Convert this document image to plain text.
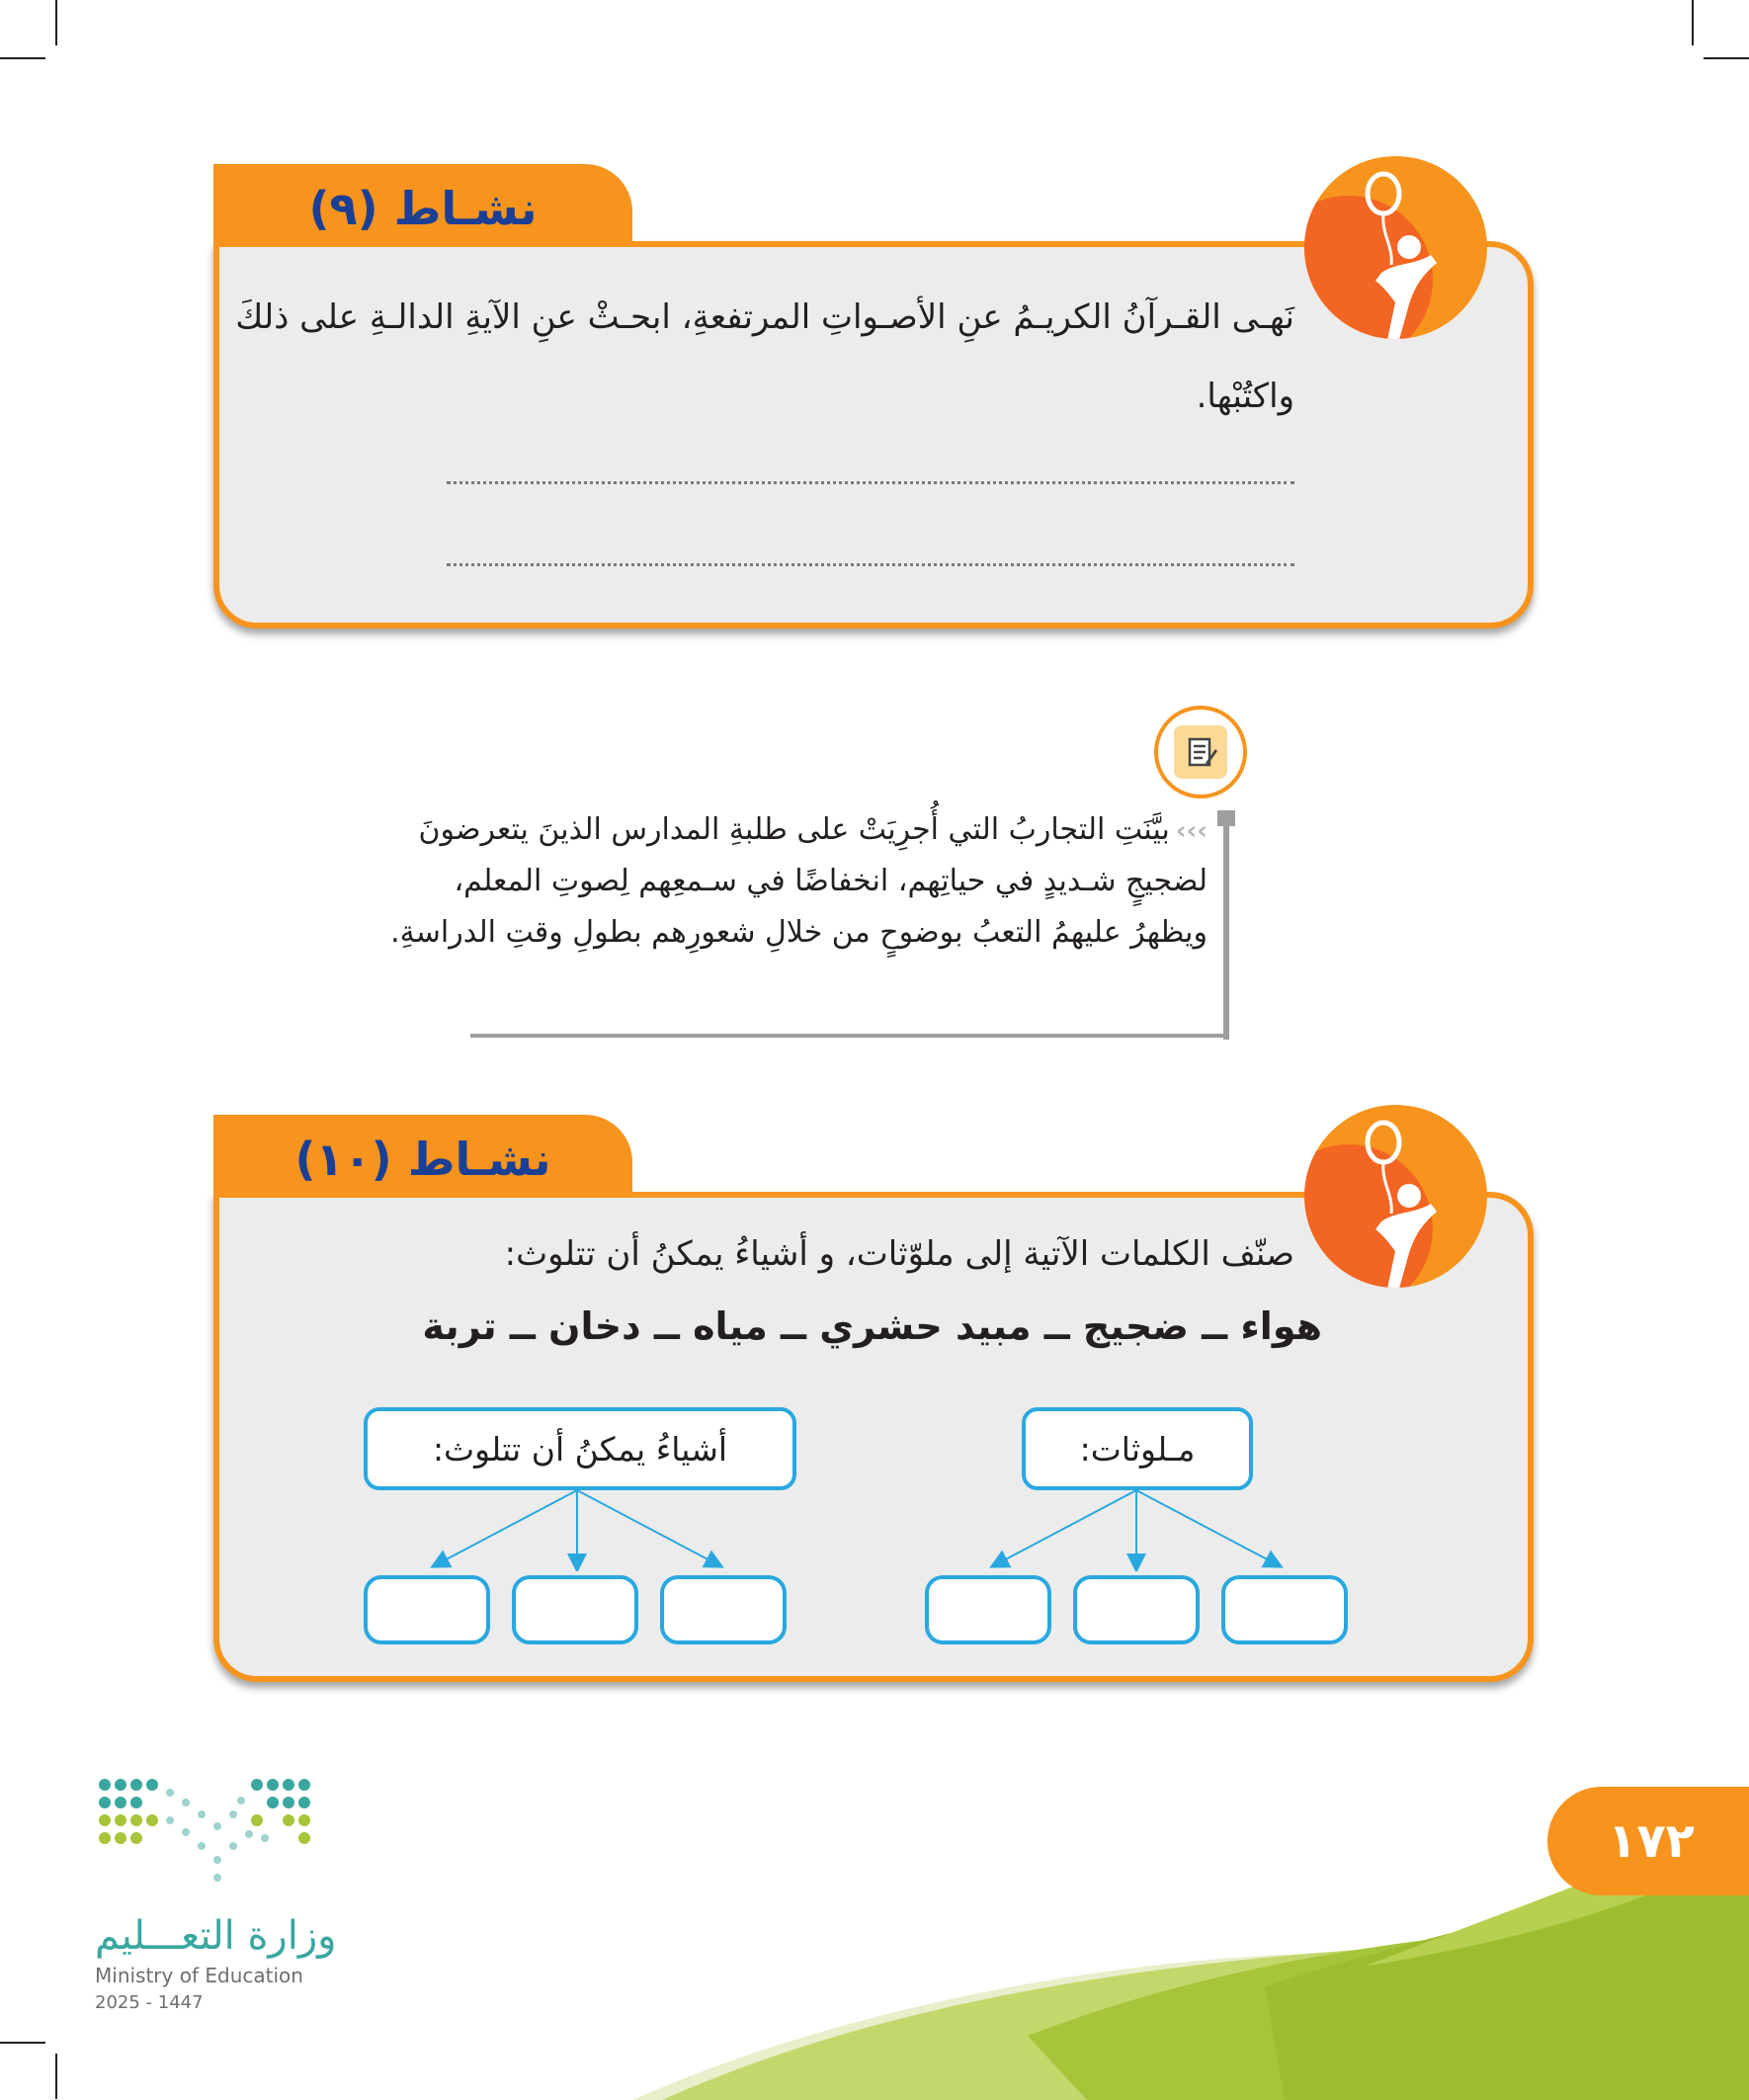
نشـاط (٩)
نَهـى القـرآنُ الكريـمُ عنِ الأصـواتِ المرتفعةِ، ابحـثْ عنِ الآيةِ الدالـةِ على ذلكَ
واكتُبْها.
›››بيَّنَتِ التجاربُ التي أُجرِيَتْ على طلبةِ المدارس الذينَ يتعرضونَ
لضجيجٍ شـديدٍ في حياتِهم، انخفاضًا في سـمعِهم لِصوتِ المعلم،
ويظهرُ عليهمُ التعبُ بوضوحٍ من خلالِ شعورِهم بطولِ وقتِ الدراسةِ.
نشـاط (١٠)
صنّف الكلمات الآتية إلى ملوّثات، و أشياءُ يمكنُ أن تتلوث:
هواء ــ ضجيج ــ مبيد حشري ــ مياه ــ دخان ــ تربة
أشياءُ يمكنُ أن تتلوث:	مـلوثات:
١٧٢
وزارة التعـــليم
Ministry of Education
2025 - 1447
